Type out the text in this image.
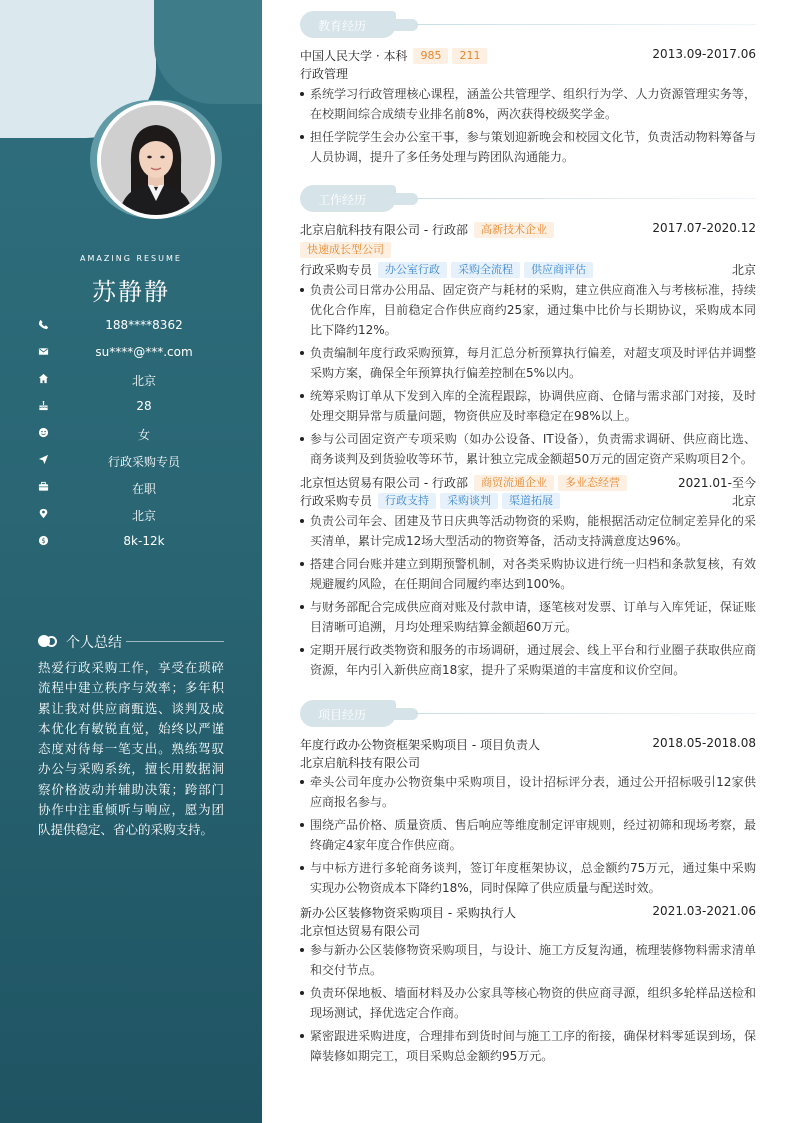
AMAZING RESUME
苏静静
188****8362
su****@***.com
北京
28
女
行政采购专员
在职
北京
$	8k-12k
个人总结
热爱行政采购工作，享受在琐碎流程中建立秩序与效率；多年积累让我对供应商甄选、谈判及成本优化有敏锐直觉，始终以严谨态度对待每一笔支出。熟练驾驭办公与采购系统，擅长用数据洞察价格波动并辅助决策；跨部门协作中注重倾听与响应，愿为团队提供稳定、省心的采购支持。
教育经历
中国人民大学 · 本科 985 211	2013.09-2017.06
行政管理
系统学习行政管理核心课程，涵盖公共管理学、组织行为学、人力资源管理实务等，在校期间综合成绩专业排名前8%，两次获得校级奖学金。
担任学院学生会办公室干事，参与策划迎新晚会和校园文化节，负责活动物料筹备与人员协调，提升了多任务处理与跨团队沟通能力。
工作经历
北京启航科技有限公司 - 行政部 高新技术企业	2017.07-2020.12
快速成长型公司
行政采购专员 办公室行政 采购全流程 供应商评估	北京
负责公司日常办公用品、固定资产与耗材的采购，建立供应商准入与考核标准，持续优化合作库，目前稳定合作供应商约25家，通过集中比价与长期协议，采购成本同比下降约12%。
负责编制年度行政采购预算，每月汇总分析预算执行偏差，对超支项及时评估并调整采购方案，确保全年预算执行偏差控制在5%以内。
统筹采购订单从下发到入库的全流程跟踪，协调供应商、仓储与需求部门对接，及时处理交期异常与质量问题，物资供应及时率稳定在98%以上。
参与公司固定资产专项采购（如办公设备、IT设备），负责需求调研、供应商比选、商务谈判及到货验收等环节，累计独立完成金额超50万元的固定资产采购项目2个。
北京恒达贸易有限公司 - 行政部 商贸流通企业 多业态经营	2021.01-至今
行政采购专员 行政支持 采购谈判 渠道拓展	北京
负责公司年会、团建及节日庆典等活动物资的采购，能根据活动定位制定差异化的采买清单，累计完成12场大型活动的物资筹备，活动支持满意度达96%。
搭建合同台账并建立到期预警机制，对各类采购协议进行统一归档和条款复核，有效规避履约风险，在任期间合同履约率达到100%。
与财务部配合完成供应商对账及付款申请，逐笔核对发票、订单与入库凭证，保证账目清晰可追溯，月均处理采购结算金额超60万元。
定期开展行政类物资和服务的市场调研，通过展会、线上平台和行业圈子获取供应商资源，年内引入新供应商18家，提升了采购渠道的丰富度和议价空间。
项目经历
年度行政办公物资框架采购项目 - 项目负责人	2018.05-2018.08
北京启航科技有限公司
牵头公司年度办公物资集中采购项目，设计招标评分表，通过公开招标吸引12家供应商报名参与。
围绕产品价格、质量资质、售后响应等维度制定评审规则，经过初筛和现场考察，最终确定4家年度合作供应商。
与中标方进行多轮商务谈判，签订年度框架协议，总金额约75万元，通过集中采购实现办公物资成本下降约18%，同时保障了供应质量与配送时效。
新办公区装修物资采购项目 - 采购执行人	2021.03-2021.06
北京恒达贸易有限公司
参与新办公区装修物资采购项目，与设计、施工方反复沟通，梳理装修物料需求清单和交付节点。
负责环保地板、墙面材料及办公家具等核心物资的供应商寻源，组织多轮样品送检和现场测试，择优选定合作商。
紧密跟进采购进度，合理排布到货时间与施工工序的衔接，确保材料零延误到场，保障装修如期完工，项目采购总金额约95万元。
